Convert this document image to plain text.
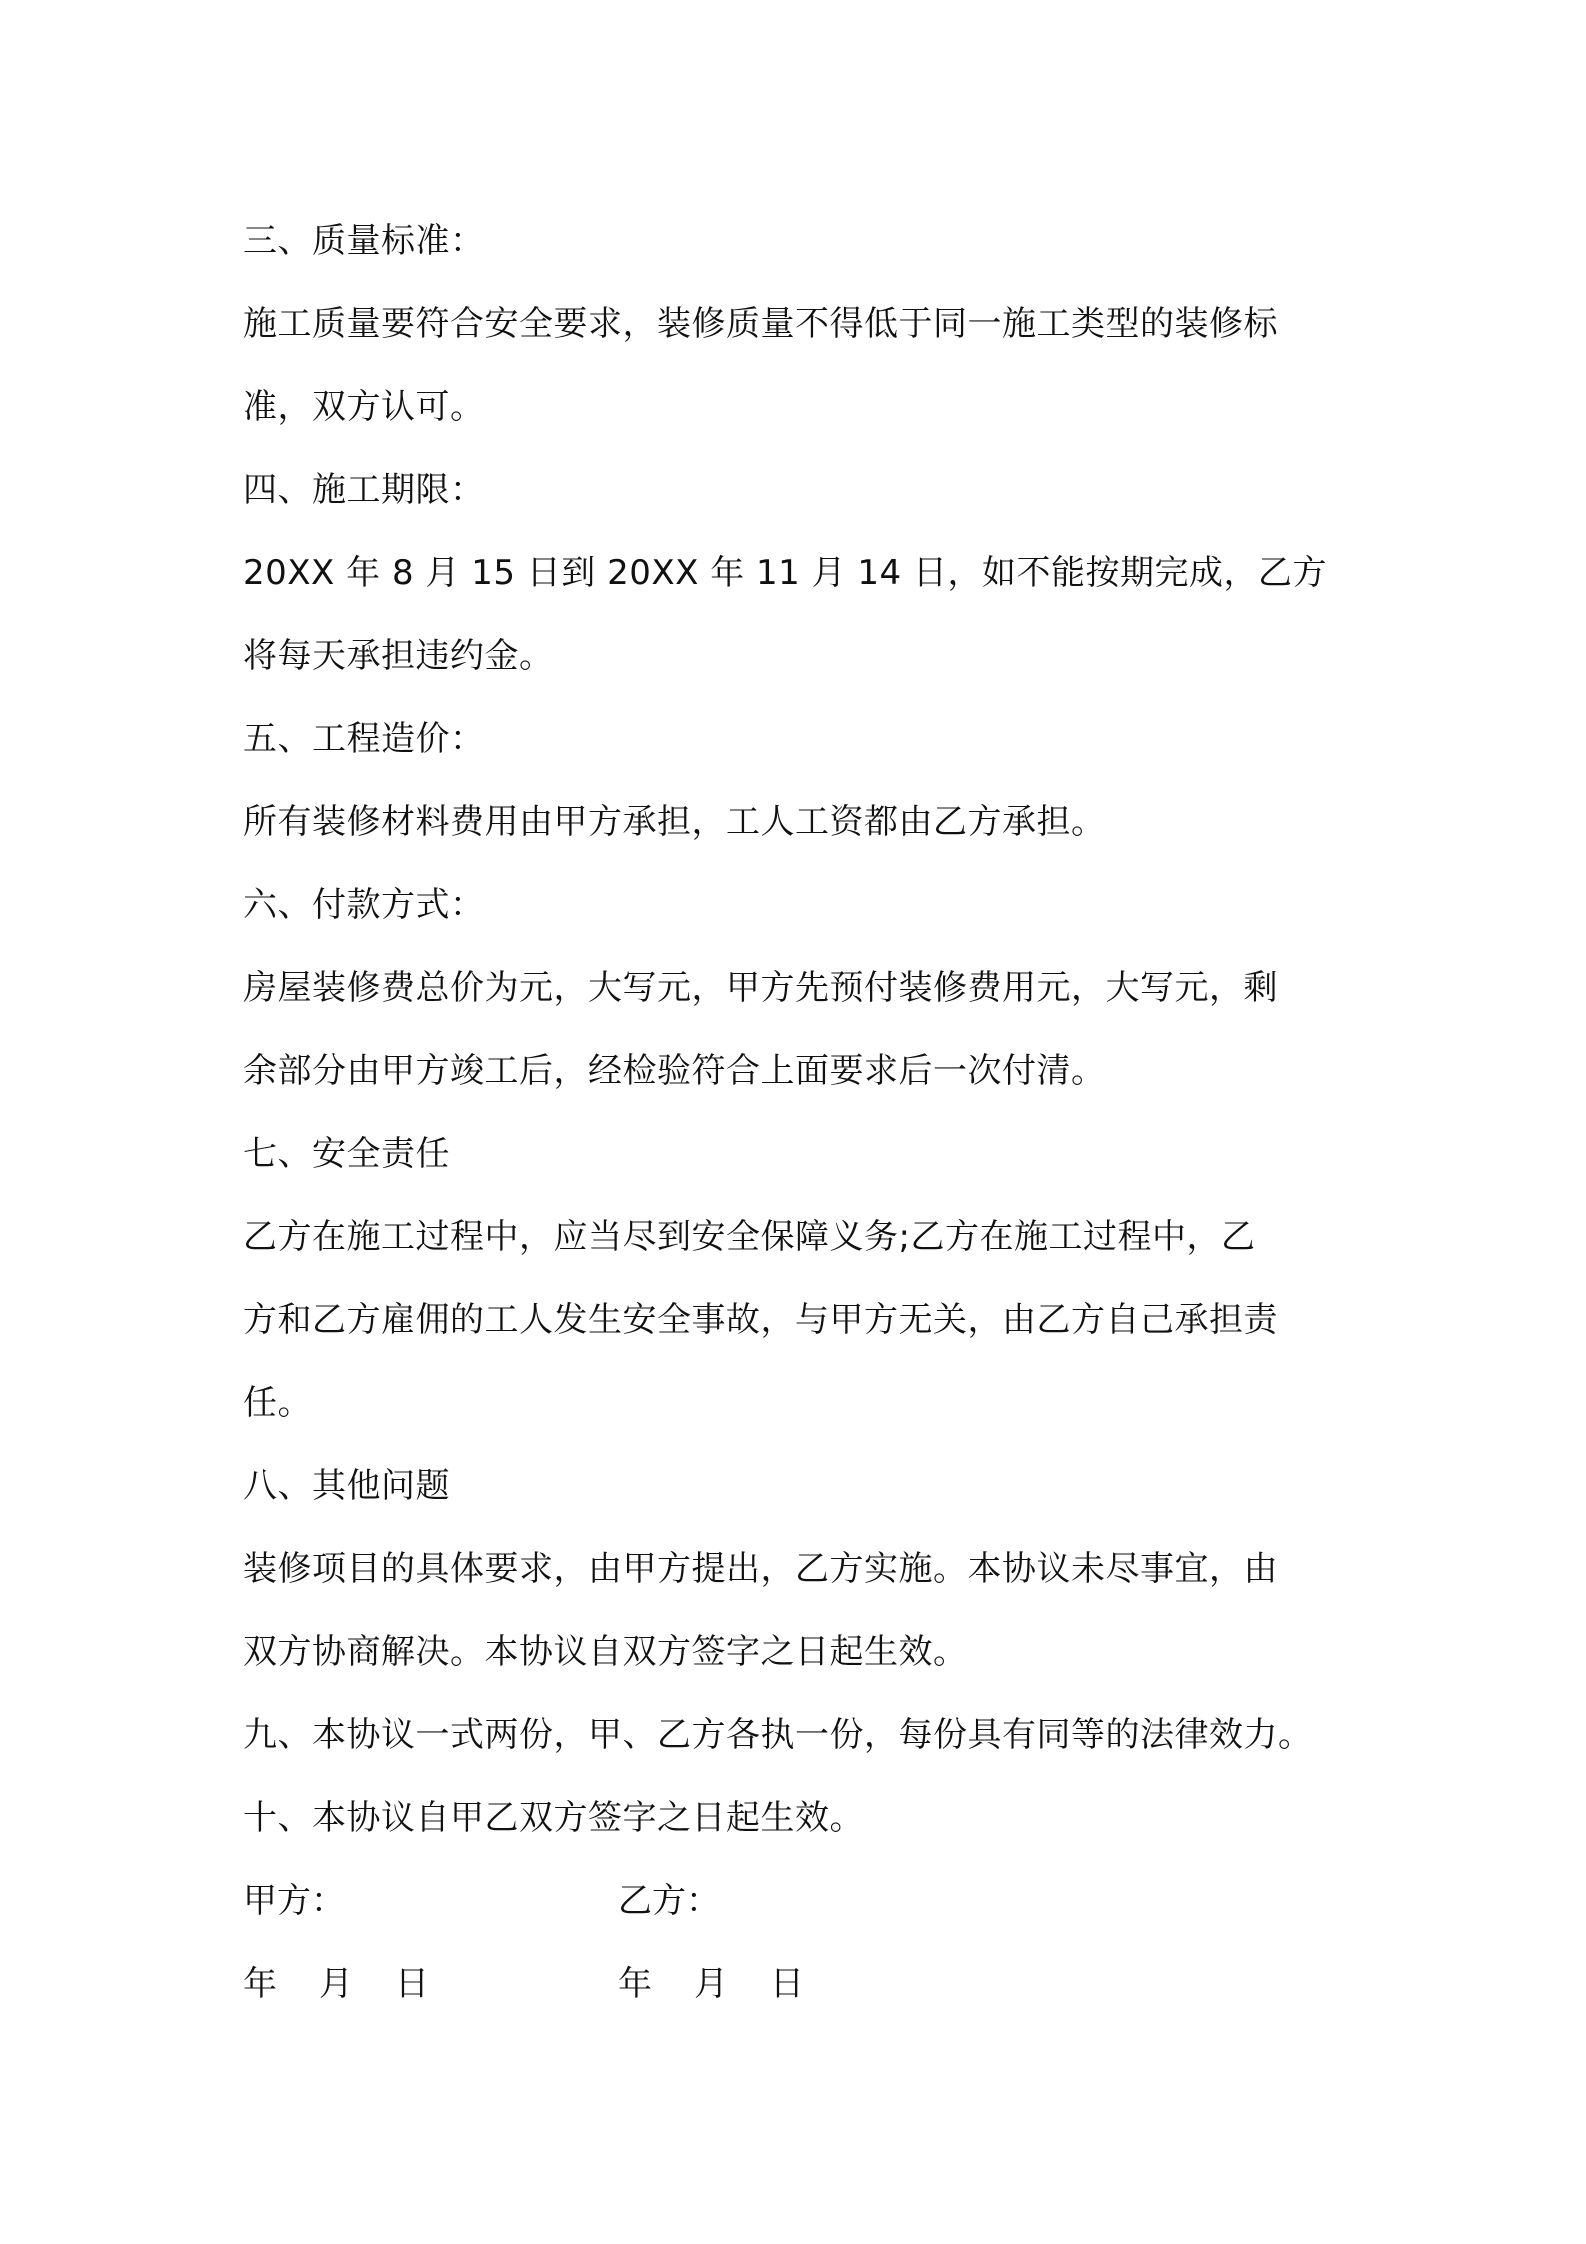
三、质量标准：
施工质量要符合安全要求，装修质量不得低于同一施工类型的装修标
准，双方认可。
四、施工期限：
20XX 年 8 月 15 日到 20XX 年 11 月 14 日，如不能按期完成，乙方
将每天承担违约金。
五、工程造价：
所有装修材料费用由甲方承担，工人工资都由乙方承担。
六、付款方式：
房屋装修费总价为元，大写元，甲方先预付装修费用元，大写元，剩
余部分由甲方竣工后，经检验符合上面要求后一次付清。
七、安全责任
乙方在施工过程中，应当尽到安全保障义务;乙方在施工过程中，乙
方和乙方雇佣的工人发生安全事故，与甲方无关，由乙方自己承担责
任。
八、其他问题
装修项目的具体要求，由甲方提出，乙方实施。本协议未尽事宜，由
双方协商解决。本协议自双方签字之日起生效。
九、本协议一式两份，甲、乙方各执一份，每份具有同等的法律效力。
十、本协议自甲乙双方签字之日起生效。
甲方：	乙方：
年 月 日	年 月 日
